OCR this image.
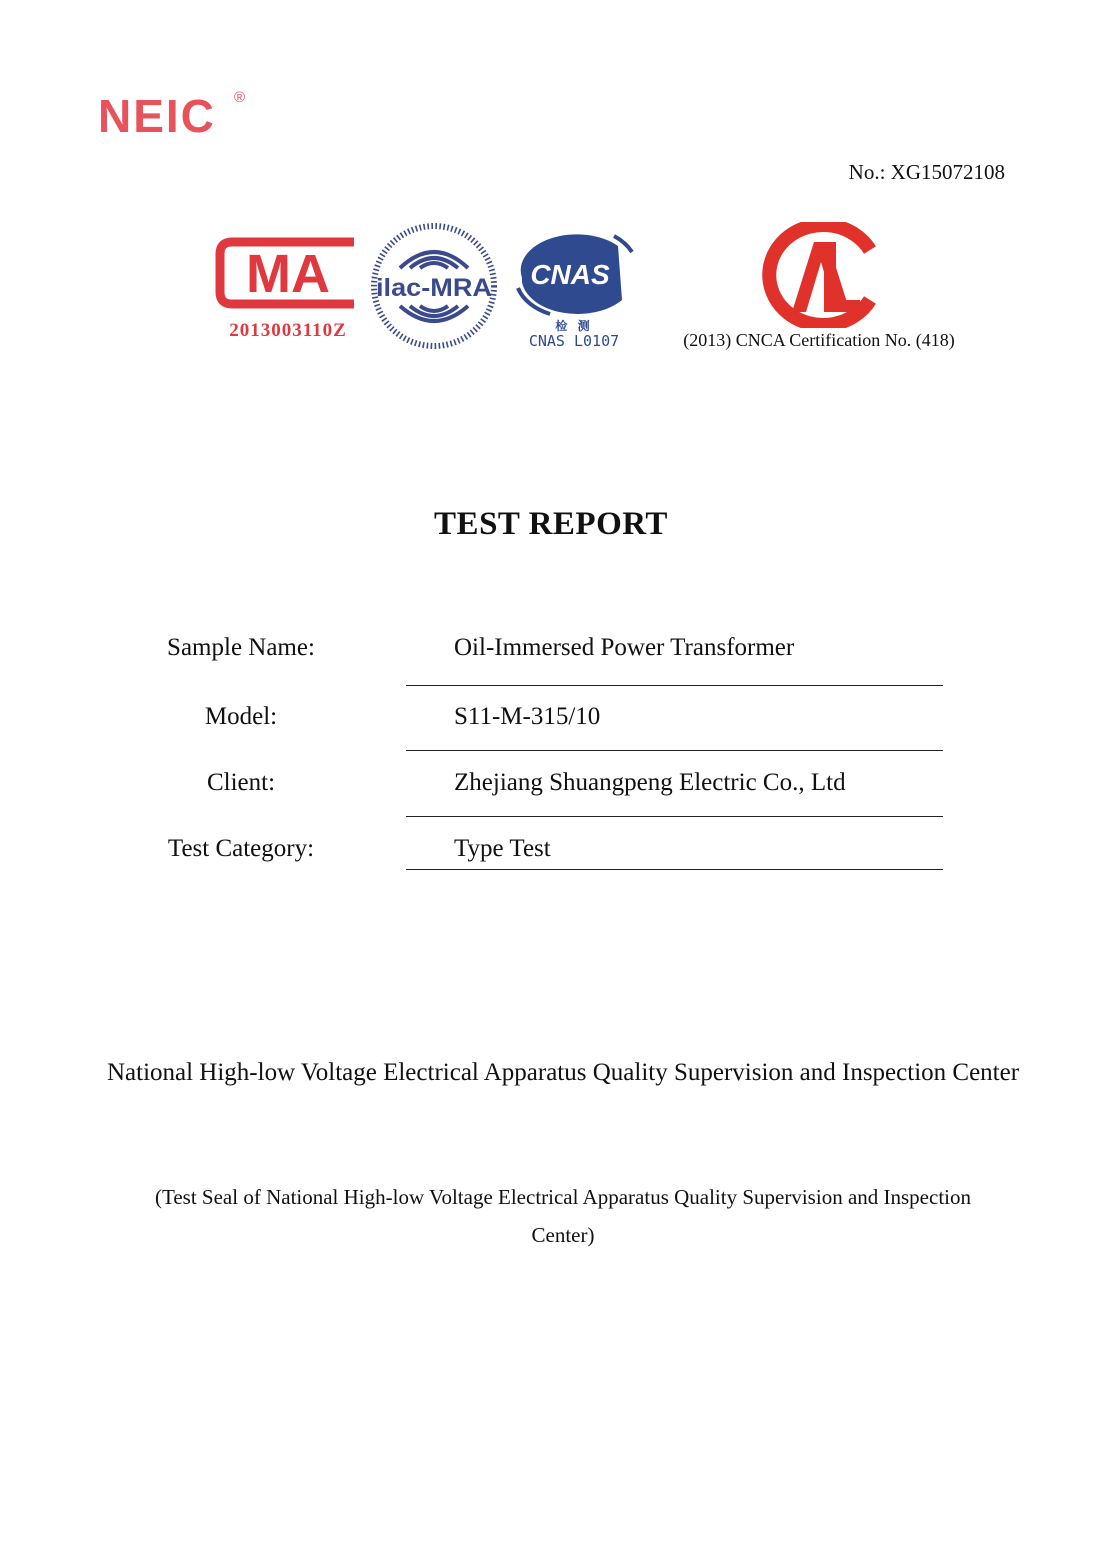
NEIC ®
No.: XG15072108
MA
2013003110Z
ilac-MRA CNAS
检 测
CNAS L0107	(2013) CNCA Certification No. (418)
TEST REPORT
Sample Name:	Oil-Immersed Power Transformer
Model:	S11-M-315/10
Client:	Zhejiang Shuangpeng Electric Co., Ltd
Test Category:	Type Test
National High-low Voltage Electrical Apparatus Quality Supervision and Inspection Center
(Test Seal of National High-low Voltage Electrical Apparatus Quality Supervision and Inspection Center)
